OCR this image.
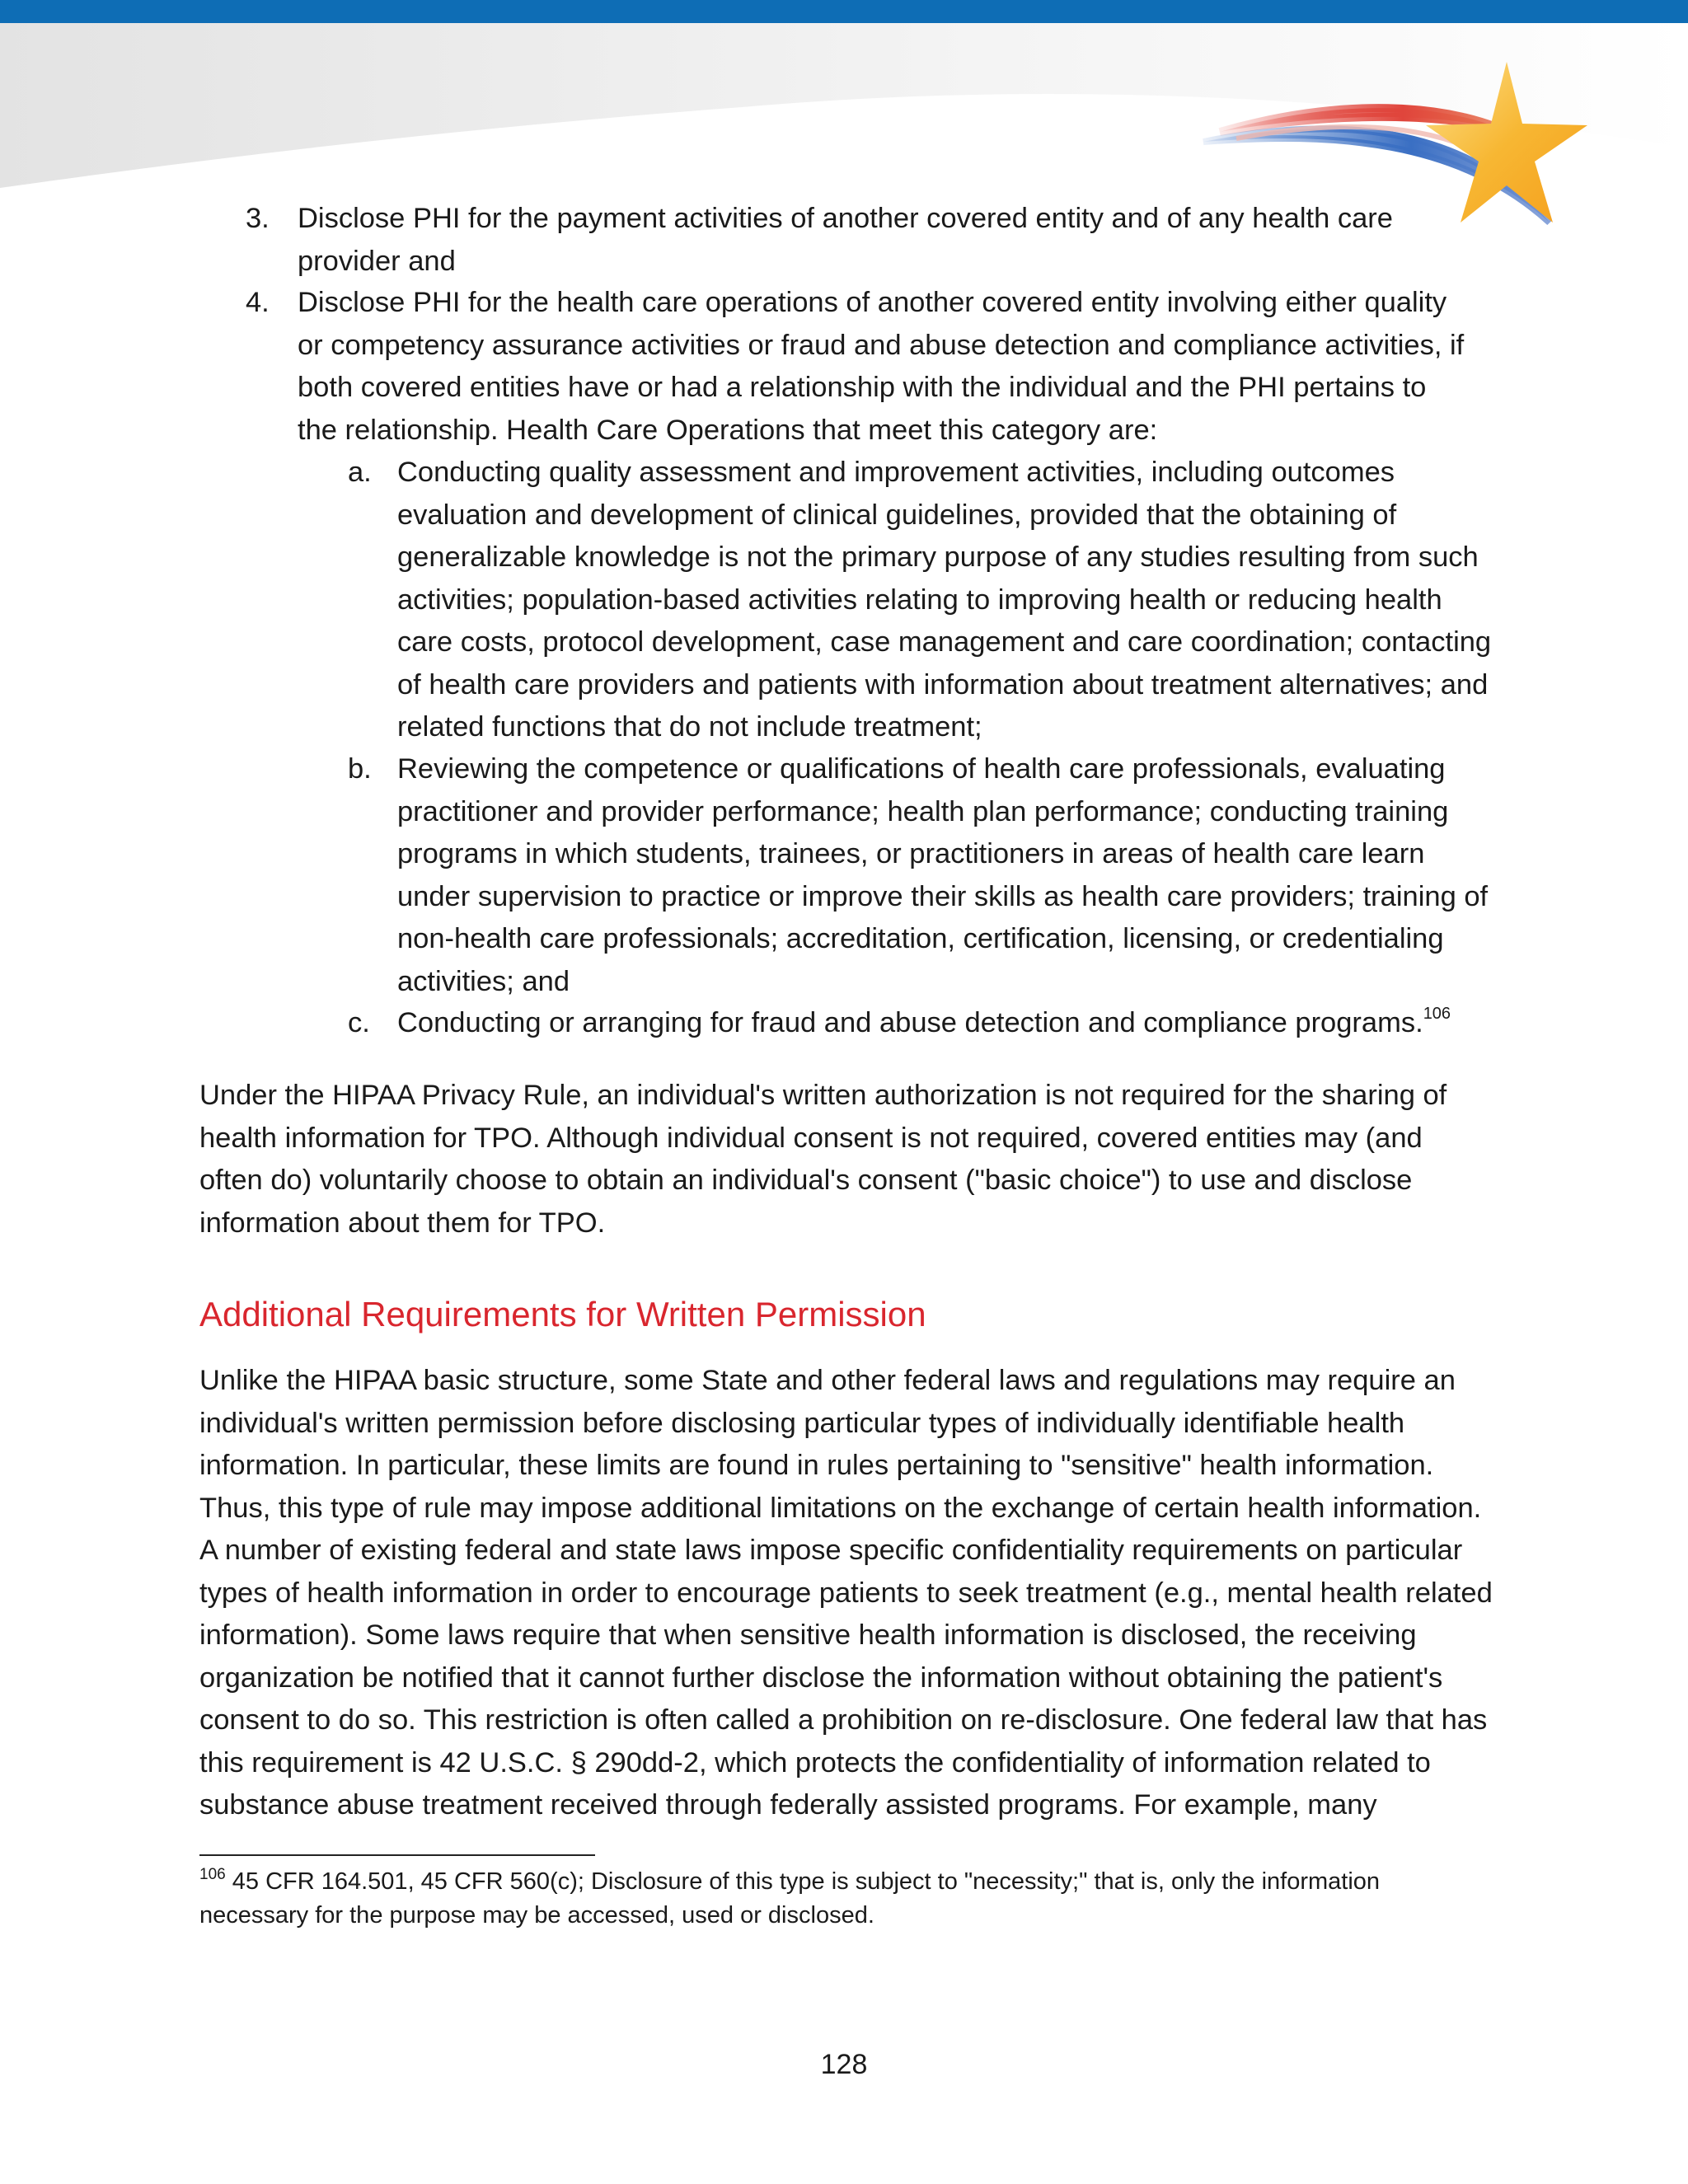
3. Disclose PHI for the payment activities of another covered entity and of any health care provider and
4. Disclose PHI for the health care operations of another covered entity involving either quality or competency assurance activities or fraud and abuse detection and compliance activities, if both covered entities have or had a relationship with the individual and the PHI pertains to the relationship. Health Care Operations that meet this category are:
a. Conducting quality assessment and improvement activities, including outcomes evaluation and development of clinical guidelines, provided that the obtaining of generalizable knowledge is not the primary purpose of any studies resulting from such activities; population-based activities relating to improving health or reducing health care costs, protocol development, case management and care coordination; contacting of health care providers and patients with information about treatment alternatives; and related functions that do not include treatment;
b. Reviewing the competence or qualifications of health care professionals, evaluating practitioner and provider performance; health plan performance; conducting training programs in which students, trainees, or practitioners in areas of health care learn under supervision to practice or improve their skills as health care providers; training of non-health care professionals; accreditation, certification, licensing, or credentialing activities; and
c. Conducting or arranging for fraud and abuse detection and compliance programs.$^{106}$
Under the HIPAA Privacy Rule, an individual's written authorization is not required for the sharing of health information for TPO. Although individual consent is not required, covered entities may (and often do) voluntarily choose to obtain an individual's consent ("basic choice") to use and disclose information about them for TPO.
Additional Requirements for Written Permission
Unlike the HIPAA basic structure, some State and other federal laws and regulations may require an individual's written permission before disclosing particular types of individually identifiable health information. In particular, these limits are found in rules pertaining to "sensitive" health information. Thus, this type of rule may impose additional limitations on the exchange of certain health information. A number of existing federal and state laws impose specific confidentiality requirements on particular types of health information in order to encourage patients to seek treatment (e.g., mental health related information). Some laws require that when sensitive health information is disclosed, the receiving organization be notified that it cannot further disclose the information without obtaining the patient's consent to do so. This restriction is often called a prohibition on re-disclosure. One federal law that has this requirement is 42 U.S.C. § 290dd-2, which protects the confidentiality of information related to substance abuse treatment received through federally assisted programs. For example, many
$^{106}$ 45 CFR 164.501, 45 CFR 560(c); Disclosure of this type is subject to "necessity;" that is, only the information necessary for the purpose may be accessed, used or disclosed.
128
